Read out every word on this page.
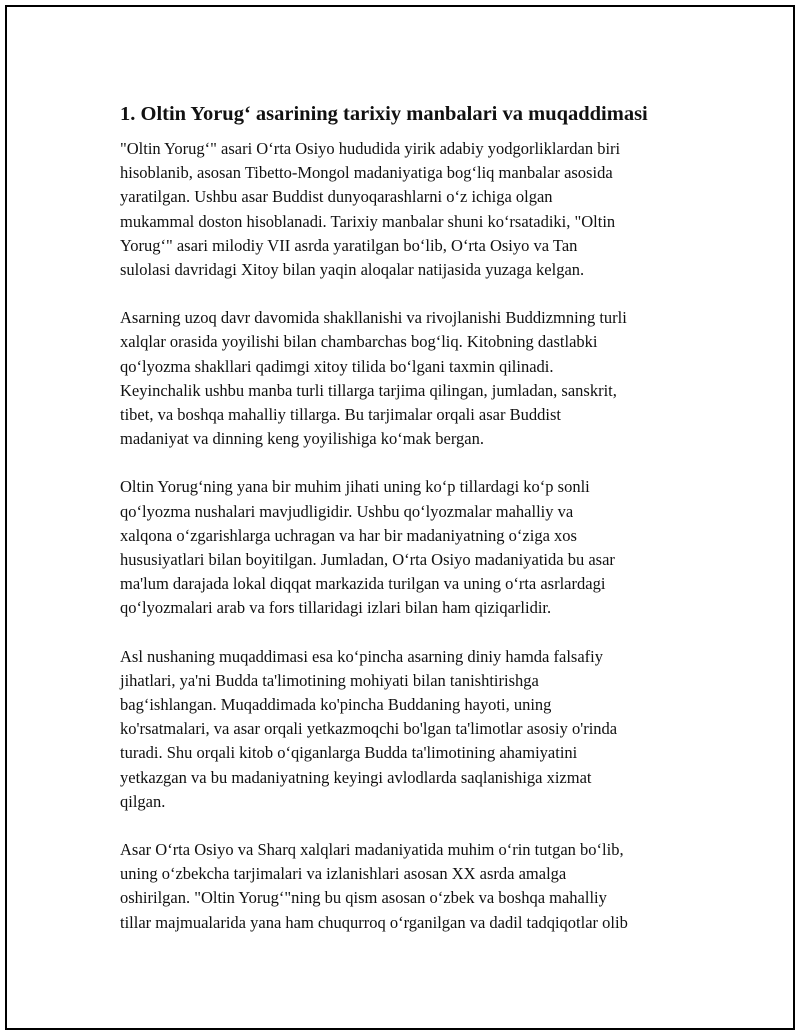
1. Oltin Yorug‘ asarining tarixiy manbalari va muqaddimasi

"Oltin Yorug‘" asari O‘rta Osiyo hududida yirik adabiy yodgorliklardan biri
hisoblanib, asosan Tibetto-Mongol madaniyatiga bog‘liq manbalar asosida
yaratilgan. Ushbu asar Buddist dunyoqarashlarni o‘z ichiga olgan
mukammal doston hisoblanadi. Tarixiy manbalar shuni ko‘rsatadiki, "Oltin
Yorug‘" asari milodiy VII asrda yaratilgan bo‘lib, O‘rta Osiyo va Tan
sulolasi davridagi Xitoy bilan yaqin aloqalar natijasida yuzaga kelgan.

Asarning uzoq davr davomida shakllanishi va rivojlanishi Buddizmning turli
xalqlar orasida yoyilishi bilan chambarchas bog‘liq. Kitobning dastlabki
qo‘lyozma shakllari qadimgi xitoy tilida bo‘lgani taxmin qilinadi.
Keyinchalik ushbu manba turli tillarga tarjima qilingan, jumladan, sanskrit,
tibet, va boshqa mahalliy tillarga. Bu tarjimalar orqali asar Buddist
madaniyat va dinning keng yoyilishiga ko‘mak bergan.

Oltin Yorug‘ning yana bir muhim jihati uning ko‘p tillardagi ko‘p sonli
qo‘lyozma nushalari mavjudligidir. Ushbu qo‘lyozmalar mahalliy va
xalqona o‘zgarishlarga uchragan va har bir madaniyatning o‘ziga xos
hususiyatlari bilan boyitilgan. Jumladan, O‘rta Osiyo madaniyatida bu asar
ma'lum darajada lokal diqqat markazida turilgan va uning o‘rta asrlardagi
qo‘lyozmalari arab va fors tillaridagi izlari bilan ham qiziqarlidir.

Asl nushaning muqaddimasi esa ko‘pincha asarning diniy hamda falsafiy
jihatlari, ya'ni Budda ta'limotining mohiyati bilan tanishtirishga
bag‘ishlangan. Muqaddimada ko'pincha Buddaning hayoti, uning
ko'rsatmalari, va asar orqali yetkazmoqchi bo'lgan ta'limotlar asosiy o'rinda
turadi. Shu orqali kitob o‘qiganlarga Budda ta'limotining ahamiyatini
yetkazgan va bu madaniyatning keyingi avlodlarda saqlanishiga xizmat
qilgan.

Asar O‘rta Osiyo va Sharq xalqlari madaniyatida muhim o‘rin tutgan bo‘lib,
uning o‘zbekcha tarjimalari va izlanishlari asosan XX asrda amalga
oshirilgan. "Oltin Yorug‘"ning bu qism asosan o‘zbek va boshqa mahalliy
tillar majmualarida yana ham chuqurroq o‘rganilgan va dadil tadqiqotlar olib
